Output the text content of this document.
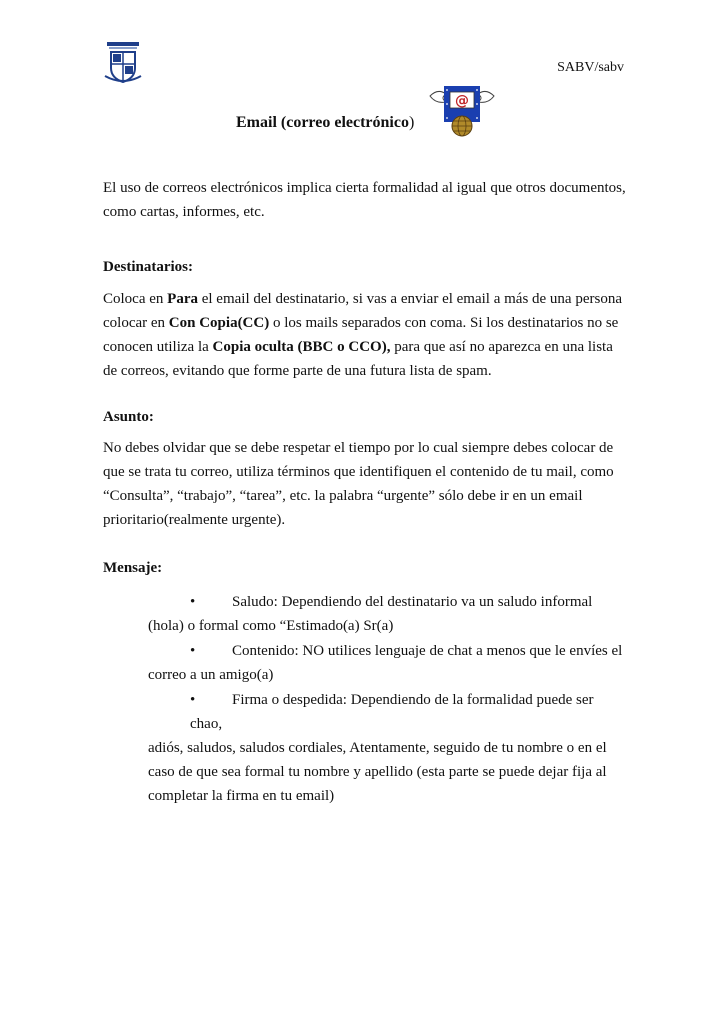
SABV/sabv
Email (correo electrónico)
@
El uso de correos electrónicos implica cierta formalidad al igual que otros documentos, como cartas, informes, etc.
Destinatarios:
Coloca en Para el email del destinatario, si vas a enviar el email a más de una persona colocar en Con Copia(CC) o los mails separados con coma. Si los destinatarios no se conocen utiliza la Copia oculta (BBC o CCO), para que así no aparezca en una lista de correos, evitando que forme parte de una futura lista de spam.
Asunto:
No debes olvidar que se debe respetar el tiempo por lo cual siempre debes colocar de que se trata tu correo, utiliza términos que identifiquen el contenido de tu mail, como “Consulta”, “trabajo”, “tarea”, etc. la palabra “urgente” sólo debe ir en un email prioritario(realmente urgente).
Mensaje:
• Saludo: Dependiendo del destinatario va un saludo informal
(hola) o formal como “Estimado(a) Sr(a)
• Contenido: NO utilices lenguaje de chat a menos que le envíes el
correo a un amigo(a)
• Firma o despedida: Dependiendo de la formalidad puede ser chao,
adiós, saludos, saludos cordiales, Atentamente, seguido de tu nombre o en el caso de que sea formal tu nombre y apellido (esta parte se puede dejar fija al completar la firma en tu email)
